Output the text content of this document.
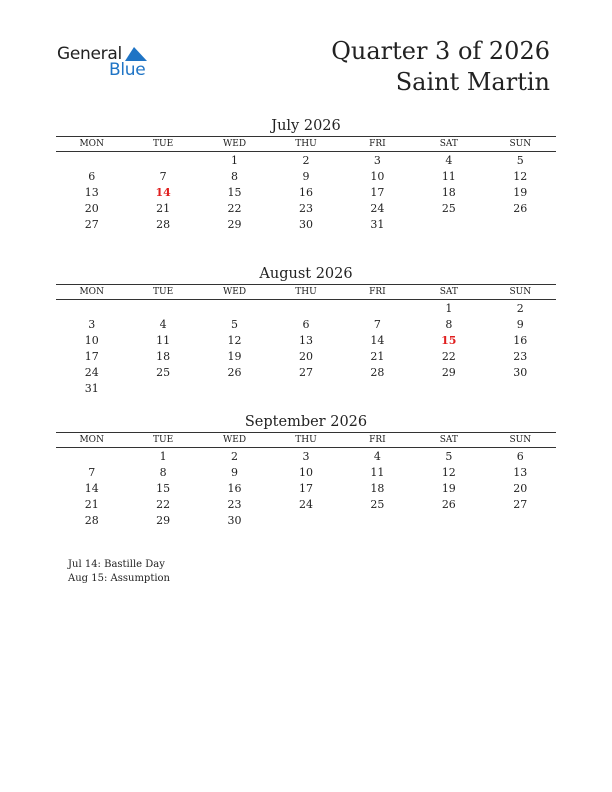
General
Blue
Quarter 3 of 2026
Saint Martin
July 2026
MON	TUE	WED	THU	FRI	SAT	SUN
		1	2	3	4	5
6	7	8	9	10	11	12
13	14	15	16	17	18	19
20	21	22	23	24	25	26
27	28	29	30	31		
August 2026
MON	TUE	WED	THU	FRI	SAT	SUN
					1	2
3	4	5	6	7	8	9
10	11	12	13	14	15	16
17	18	19	20	21	22	23
24	25	26	27	28	29	30
31						
September 2026
MON	TUE	WED	THU	FRI	SAT	SUN
	1	2	3	4	5	6
7	8	9	10	11	12	13
14	15	16	17	18	19	20
21	22	23	24	25	26	27
28	29	30				
Jul 14: Bastille Day
Aug 15: Assumption
